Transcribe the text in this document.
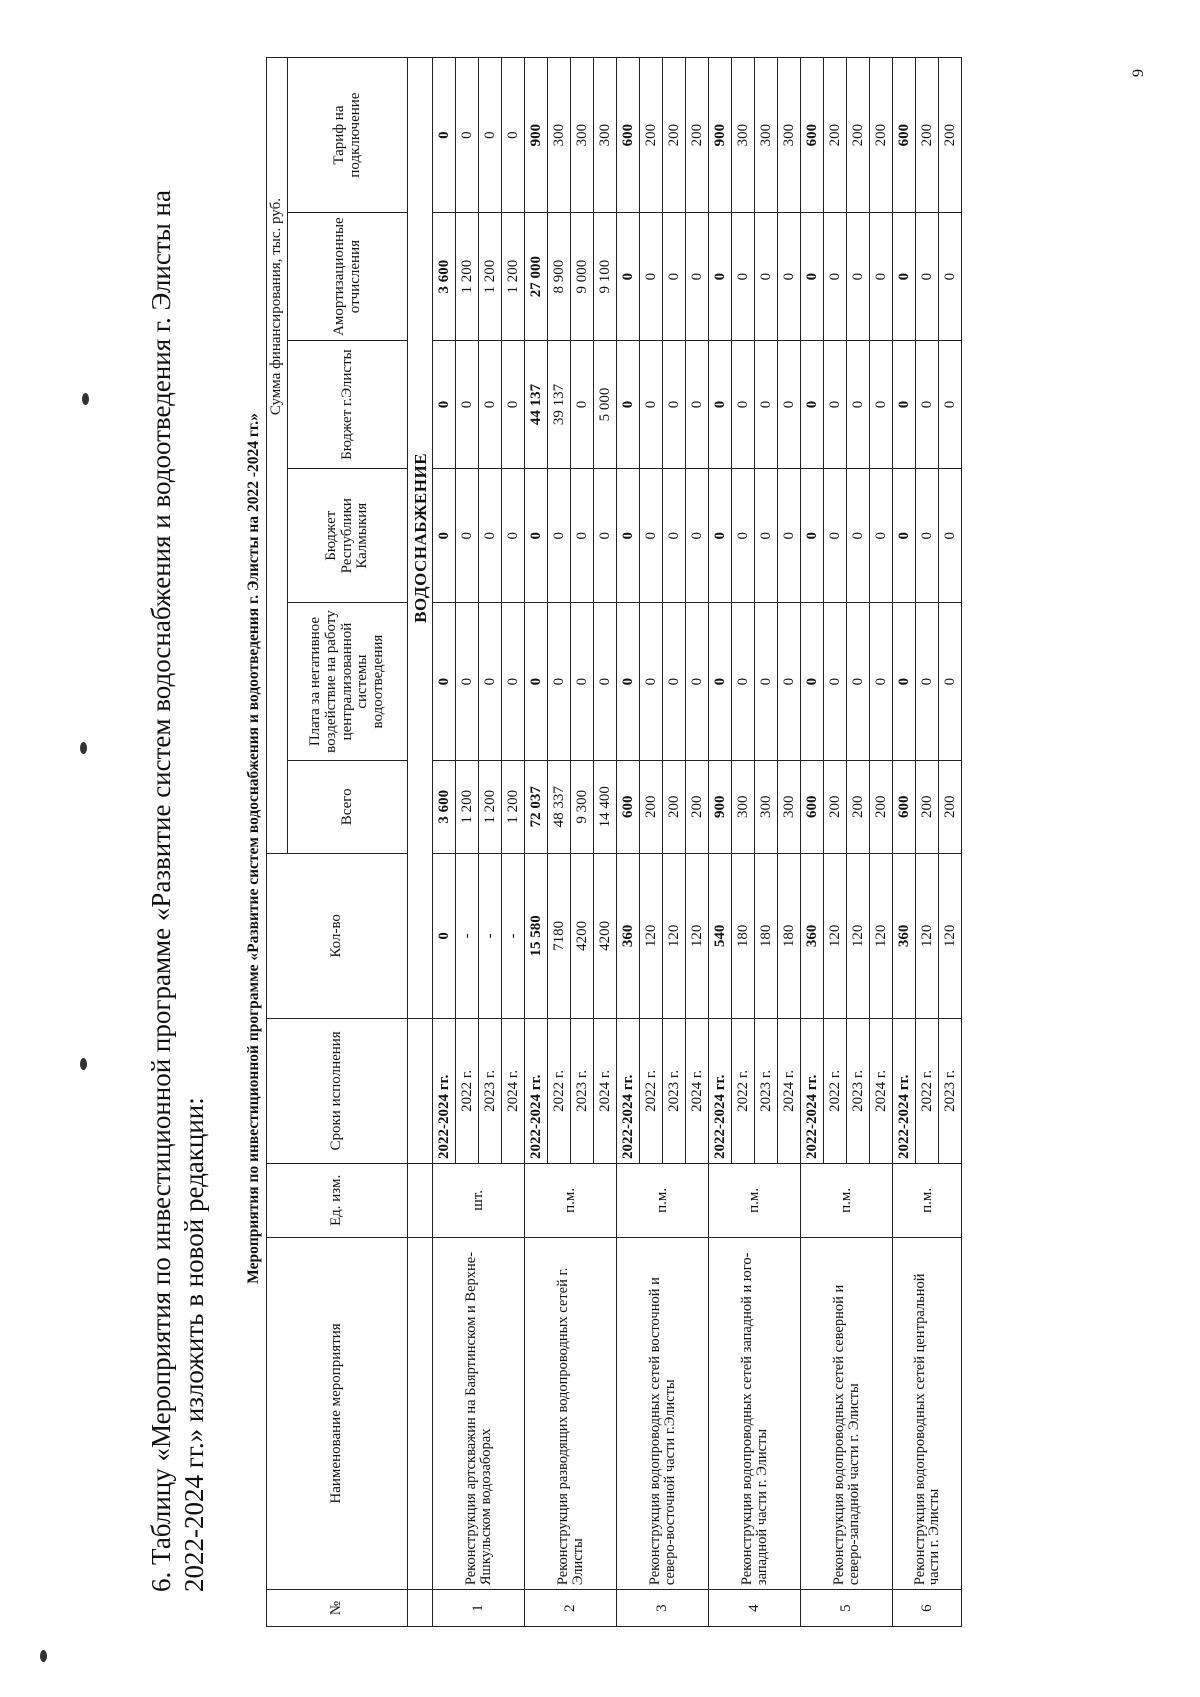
6. Таблицу «Мероприятия по инвестиционной программе «Развитие систем водоснабжения и водоотведения г. Элисты на 2022-2024 гг.» изложить в новой редакции:
Мероприятия по инвестиционной программе «Развитие систем водоснабжения и водоотведения г. Элисты на 2022 -2024 гг.»
№	Наименование мероприятия	Ед. изм.	Сроки исполнения	Кол-во	Сумма финансирования, тыс. руб.					
					Всего	Плата за негативное воздействие на работу централизованной системы водоотведения	Бюджет Республики Калмыкия	Бюджет г.Элисты	Амортизационные отчисления	Тариф на подключение
				ВОДОСНАБЖЕНИЕ						
1	Реконструкция артскважин на Баяртинском и Верхне-Яшкульском водозаборах	шт.	2022-2024 гг.	0	3 600	0	0	0	3 600	0
			2022 г.	-	1 200	0	0	0	1 200	0
			2023 г.	-	1 200	0	0	0	1 200	0
			2024 г.	-	1 200	0	0	0	1 200	0
2	Реконструкция разводящих водопроводных сетей г. Элисты	п.м.	2022-2024 гг.	15 580	72 037	0	0	44 137	27 000	900
			2022 г.	7180	48 337	0	0	39 137	8 900	300
			2023 г.	4200	9 300	0	0	0	9 000	300
			2024 г.	4200	14 400	0	0	5 000	9 100	300
3	Реконструкция водопроводных сетей восточной и северо-восточной части г.Элисты	п.м.	2022-2024 гг.	360	600	0	0	0	0	600
			2022 г.	120	200	0	0	0	0	200
			2023 г.	120	200	0	0	0	0	200
			2024 г.	120	200	0	0	0	0	200
4	Реконструкция водопроводных сетей западной и юго-западной части г. Элисты	п.м.	2022-2024 гг.	540	900	0	0	0	0	900
			2022 г.	180	300	0	0	0	0	300
			2023 г.	180	300	0	0	0	0	300
			2024 г.	180	300	0	0	0	0	300
5	Реконструкция водопроводных сетей северной и северо-западной части г. Элисты	п.м.	2022-2024 гг.	360	600	0	0	0	0	600
			2022 г.	120	200	0	0	0	0	200
			2023 г.	120	200	0	0	0	0	200
			2024 г.	120	200	0	0	0	0	200
6	Реконструкция водопроводных сетей центральной части г. Элисты	п.м.	2022-2024 гг.	360	600	0	0	0	0	600
			2022 г.	120	200	0	0	0	0	200
			2023 г.	120	200	0	0	0	0	200
9
